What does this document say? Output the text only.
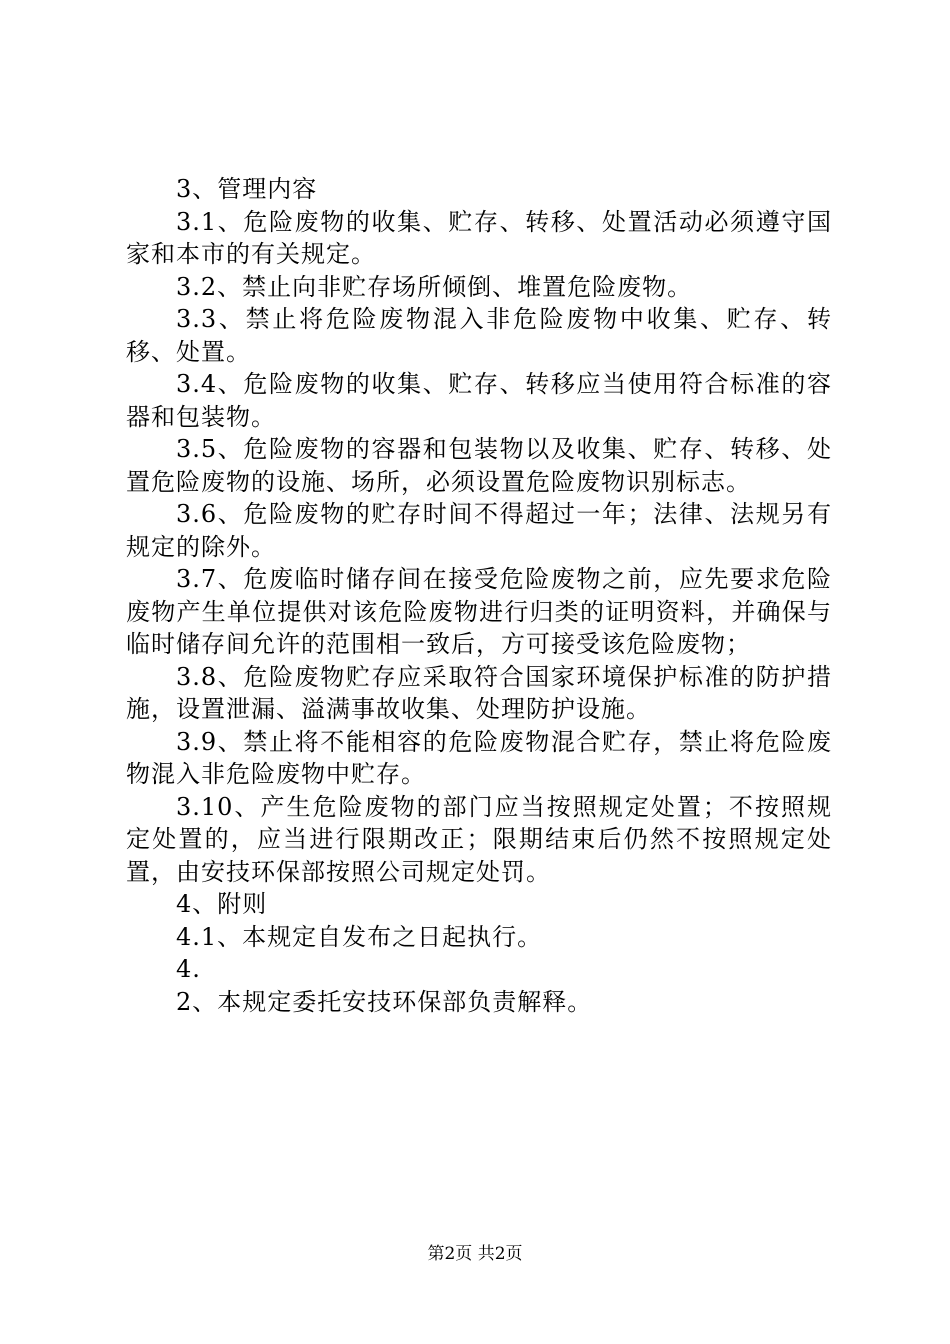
3、管理内容

3.1、危险废物的收集、贮存、转移、处置活动必须遵守国家和本市的有关规定。

3.2、禁止向非贮存场所倾倒、堆置危险废物。

3.3、禁止将危险废物混入非危险废物中收集、贮存、转移、处置。

3.4、危险废物的收集、贮存、转移应当使用符合标准的容器和包装物。

3.5、危险废物的容器和包装物以及收集、贮存、转移、处置危险废物的设施、场所，必须设置危险废物识别标志。

3.6、危险废物的贮存时间不得超过一年；法律、法规另有规定的除外。

3.7、危废临时储存间在接受危险废物之前，应先要求危险废物产生单位提供对该危险废物进行归类的证明资料，并确保与临时储存间允许的范围相一致后，方可接受该危险废物；

3.8、危险废物贮存应采取符合国家环境保护标准的防护措施，设置泄漏、溢满事故收集、处理防护设施。

3.9、禁止将不能相容的危险废物混合贮存，禁止将危险废物混入非危险废物中贮存。

3.10、产生危险废物的部门应当按照规定处置；不按照规定处置的，应当进行限期改正；限期结束后仍然不按照规定处置，由安技环保部按照公司规定处罚。

4、附则

4.1、本规定自发布之日起执行。

4.

2、本规定委托安技环保部负责解释。

第2页 共2页
